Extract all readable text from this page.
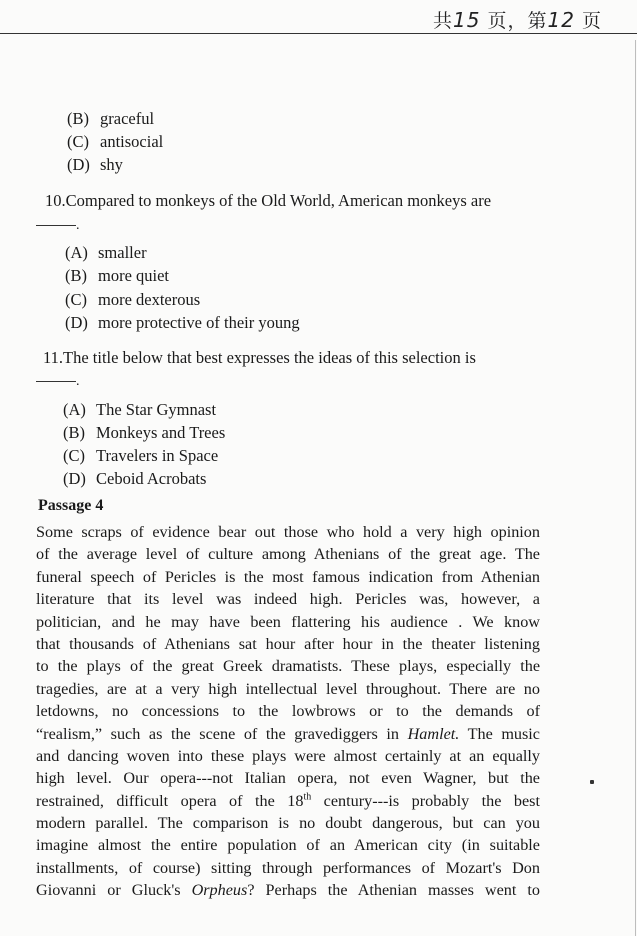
共15 页，第12 页
(B) graceful
(C) antisocial
(D) shy
10.Compared to monkeys of the Old World, American monkeys are
.
(A) smaller
(B) more quiet
(C) more dexterous
(D) more protective of their young
11.The title below that best expresses the ideas of this selection is
.
(A) The Star Gymnast
(B) Monkeys and Trees
(C) Travelers in Space
(D) Ceboid Acrobats
Passage 4
Some scraps of evidence bear out those who hold a very high opinion
of the average level of culture among Athenians of the great age. The
funeral speech of Pericles is the most famous indication from Athenian
literature that its level was indeed high. Pericles was, however, a
politician, and he may have been flattering his audience . We know
that thousands of Athenians sat hour after hour in the theater listening
to the plays of the great Greek dramatists. These plays, especially the
tragedies, are at a very high intellectual level throughout. There are no
letdowns, no concessions to the lowbrows or to the demands of
“realism,” such as the scene of the gravediggers in Hamlet. The music
and dancing woven into these plays were almost certainly at an equally
high level. Our opera---not Italian opera, not even Wagner, but the
restrained, difficult opera of the 18th century---is probably the best
modern parallel. The comparison is no doubt dangerous, but can you
imagine almost the entire population of an American city (in suitable
installments, of course) sitting through performances of Mozart's Don
Giovanni or Gluck's Orpheus? Perhaps the Athenian masses went to
